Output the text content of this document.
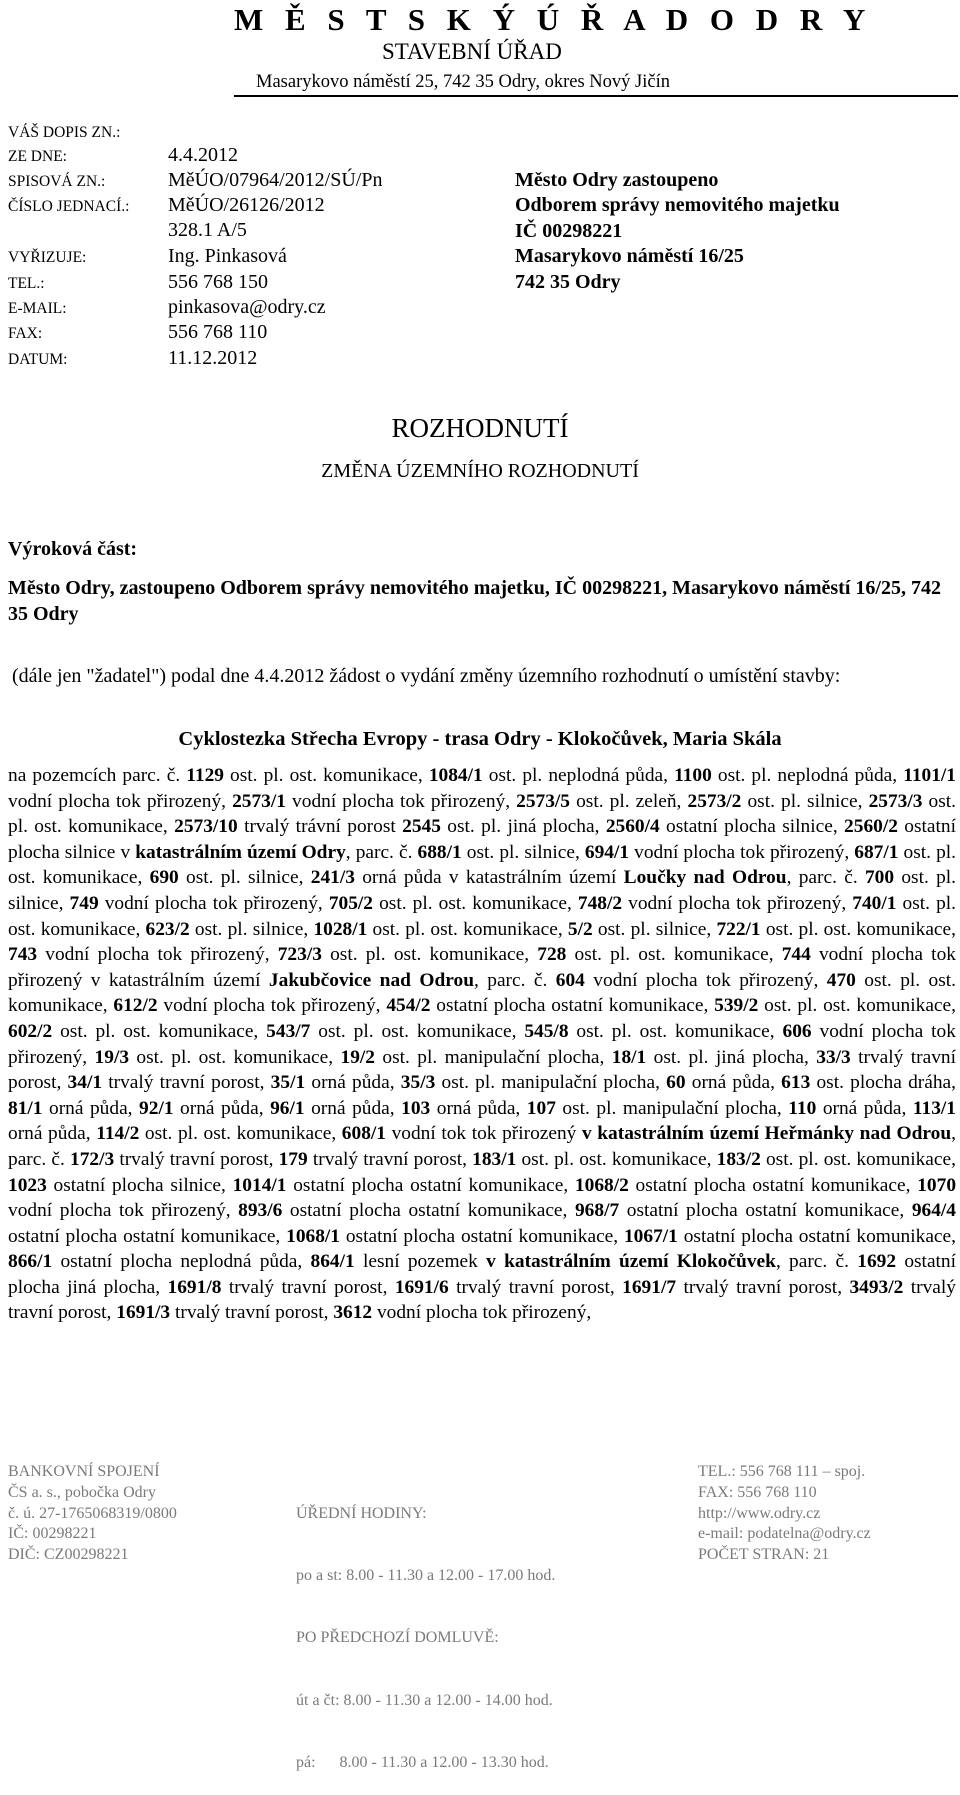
M Ě S T S K Ý Ú Ř A D O D R Y
STAVEBNÍ ÚŘAD
Masarykovo náměstí 25, 742 35 Odry, okres Nový Jičín
VÁŠ DOPIS ZN.:
ZE DNE:	4.4.2012
SPISOVÁ ZN.:	MěÚO/07964/2012/SÚ/Pn
ČÍSLO JEDNACÍ.: MěÚO/26126/2012
328.1 A/5
VYŘIZUJE:	Ing. Pinkasová
TEL.:	556 768 150
E-MAIL:	pinkasova@odry.cz
FAX:	556 768 110
DATUM:	11.12.2012
Město Odry zastoupeno
Odborem správy nemovitého majetku
IČ 00298221
Masarykovo náměstí 16/25
742 35 Odry
ROZHODNUTÍ
ZMĚNA ÚZEMNÍHO ROZHODNUTÍ
Výroková část:
Město Odry, zastoupeno Odborem správy nemovitého majetku, IČ 00298221, Masarykovo náměstí 16/25, 742 35 Odry
(dále jen "žadatel") podal dne 4.4.2012 žádost o vydání změny územního rozhodnutí o umístění stavby:
Cyklostezka Střecha Evropy - trasa Odry - Klokočůvek, Maria Skála
na pozemcích parc. č. 1129 ost. pl. ost. komunikace, 1084/1 ost. pl. neplodná půda, 1100 ost. pl. neplodná půda, 1101/1 vodní plocha tok přirozený, 2573/1 vodní plocha tok přirozený, 2573/5 ost. pl. zeleň, 2573/2 ost. pl. silnice, 2573/3 ost. pl. ost. komunikace, 2573/10 trvalý trávní porost 2545 ost. pl. jiná plocha, 2560/4 ostatní plocha silnice, 2560/2 ostatní plocha silnice v katastrálním území Odry, parc. č. 688/1 ost. pl. silnice, 694/1 vodní plocha tok přirozený, 687/1 ost. pl. ost. komunikace, 690 ost. pl. silnice, 241/3 orná půda v katastrálním území Loučky nad Odrou, parc. č. 700 ost. pl. silnice, 749 vodní plocha tok přirozený, 705/2 ost. pl. ost. komunikace, 748/2 vodní plocha tok přirozený, 740/1 ost. pl. ost. komunikace, 623/2 ost. pl. silnice, 1028/1 ost. pl. ost. komunikace, 5/2 ost. pl. silnice, 722/1 ost. pl. ost. komunikace, 743 vodní plocha tok přirozený, 723/3 ost. pl. ost. komunikace, 728 ost. pl. ost. komunikace, 744 vodní plocha tok přirozený v katastrálním území Jakubčovice nad Odrou, parc. č. 604 vodní plocha tok přirozený, 470 ost. pl. ost. komunikace, 612/2 vodní plocha tok přirozený, 454/2 ostatní plocha ostatní komunikace, 539/2 ost. pl. ost. komunikace, 602/2 ost. pl. ost. komunikace, 543/7 ost. pl. ost. komunikace, 545/8 ost. pl. ost. komunikace, 606 vodní plocha tok přirozený, 19/3 ost. pl. ost. komunikace, 19/2 ost. pl. manipulační plocha, 18/1 ost. pl. jiná plocha, 33/3 trvalý travní porost, 34/1 trvalý travní porost, 35/1 orná půda, 35/3 ost. pl. manipulační plocha, 60 orná půda, 613 ost. plocha dráha, 81/1 orná půda, 92/1 orná půda, 96/1 orná půda, 103 orná půda, 107 ost. pl. manipulační plocha, 110 orná půda, 113/1 orná půda, 114/2 ost. pl. ost. komunikace, 608/1 vodní tok tok přirozený v katastrálním území Heřmánky nad Odrou, parc. č. 172/3 trvalý travní porost, 179 trvalý travní porost, 183/1 ost. pl. ost. komunikace, 183/2 ost. pl. ost. komunikace, 1023 ostatní plocha silnice, 1014/1 ostatní plocha ostatní komunikace, 1068/2 ostatní plocha ostatní komunikace, 1070 vodní plocha tok přirozený, 893/6 ostatní plocha ostatní komunikace, 968/7 ostatní plocha ostatní komunikace, 964/4 ostatní plocha ostatní komunikace, 1068/1 ostatní plocha ostatní komunikace, 1067/1 ostatní plocha ostatní komunikace, 866/1 ostatní plocha neplodná půda, 864/1 lesní pozemek v katastrálním území Klokočůvek, parc. č. 1692 ostatní plocha jiná plocha, 1691/8 trvalý travní porost, 1691/6 trvalý travní porost, 1691/7 trvalý travní porost, 3493/2 trvalý travní porost, 1691/3 trvalý travní porost, 3612 vodní plocha tok přirozený,
BANKOVNÍ SPOJENÍ
ČS a. s., pobočka Odry
č. ú. 27-1765068319/0800
IČ: 00298221
DIČ: CZ00298221

ÚŘEDNÍ HODINY:

po a st: 8.00 - 11.30 a 12.00 - 17.00 hod.

PO PŘEDCHOZÍ DOMLUVĚ:

út a čt: 8.00 - 11.30 a 12.00 - 14.00 hod.

pá:      8.00 - 11.30 a 12.00 - 13.30 hod.

TEL.: 556 768 111 – spoj.
FAX: 556 768 110
http://www.odry.cz
e-mail: podatelna@odry.cz
POČET STRAN: 21
